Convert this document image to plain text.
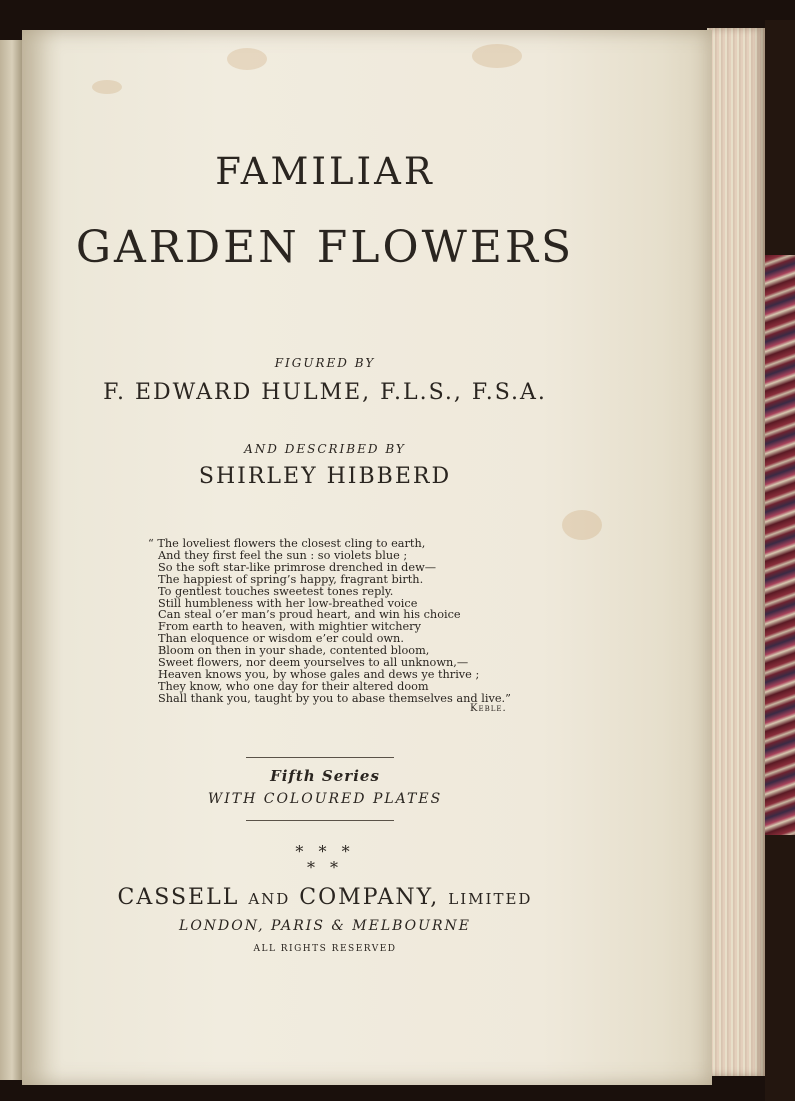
FAMILIAR
GARDEN FLOWERS
FIGURED BY
F. EDWARD HULME, F.L.S., F.S.A.
AND DESCRIBED BY
SHIRLEY HIBBERD
“ The loveliest flowers the closest cling to earth,
And they first feel the sun : so violets blue ;
So the soft star-like primrose drenched in dew—
The happiest of spring’s happy, fragrant birth.
To gentlest touches sweetest tones reply.
Still humbleness with her low-breathed voice
Can steal o’er man’s proud heart, and win his choice
From earth to heaven, with mightier witchery
Than eloquence or wisdom e’er could own.
Bloom on then in your shade, contented bloom,
Sweet flowers, nor deem yourselves to all unknown,—
Heaven knows you, by whose gales and dews ye thrive ;
They know, who one day for their altered doom
Shall thank you, taught by you to abase themselves and live.”
Keble.
Fifth Series
WITH COLOURED PLATES
* * *
* *
CASSELL AND COMPANY, LIMITED
LONDON, PARIS & MELBOURNE
ALL RIGHTS RESERVED
